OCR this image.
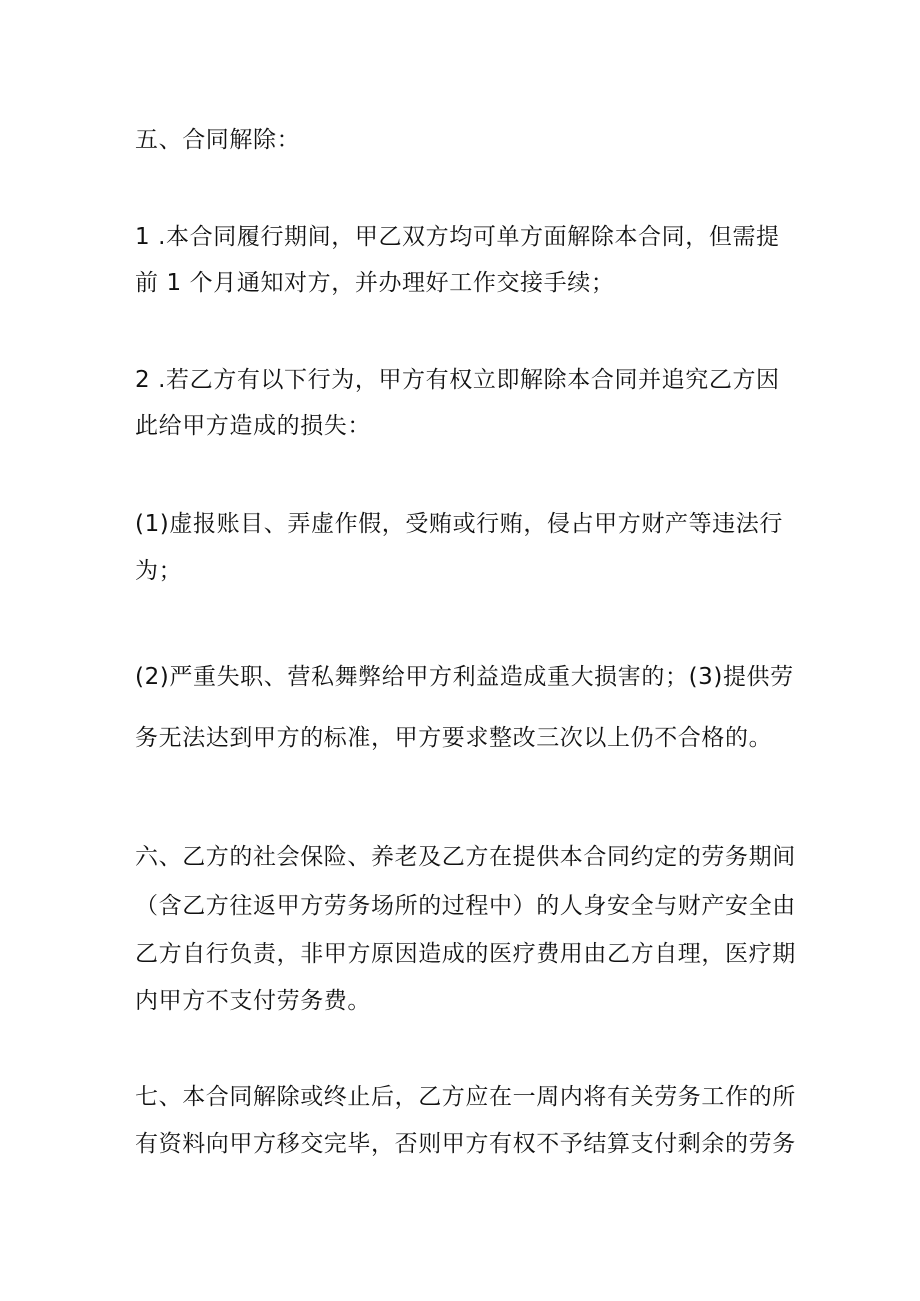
五、合同解除：
1 .本合同履行期间，甲乙双方均可单方面解除本合同，但需提
前 1 个月通知对方，并办理好工作交接手续；
2 .若乙方有以下行为，甲方有权立即解除本合同并追究乙方因
此给甲方造成的损失：
(1)虚报账目、弄虚作假，受贿或行贿，侵占甲方财产等违法行
为；
(2)严重失职、营私舞弊给甲方利益造成重大损害的；(3)提供劳
务无法达到甲方的标准，甲方要求整改三次以上仍不合格的。
六、乙方的社会保险、养老及乙方在提供本合同约定的劳务期间
（含乙方往返甲方劳务场所的过程中）的人身安全与财产安全由
乙方自行负责，非甲方原因造成的医疗费用由乙方自理，医疗期
内甲方不支付劳务费。
七、本合同解除或终止后，乙方应在一周内将有关劳务工作的所
有资料向甲方移交完毕，否则甲方有权不予结算支付剩余的劳务
